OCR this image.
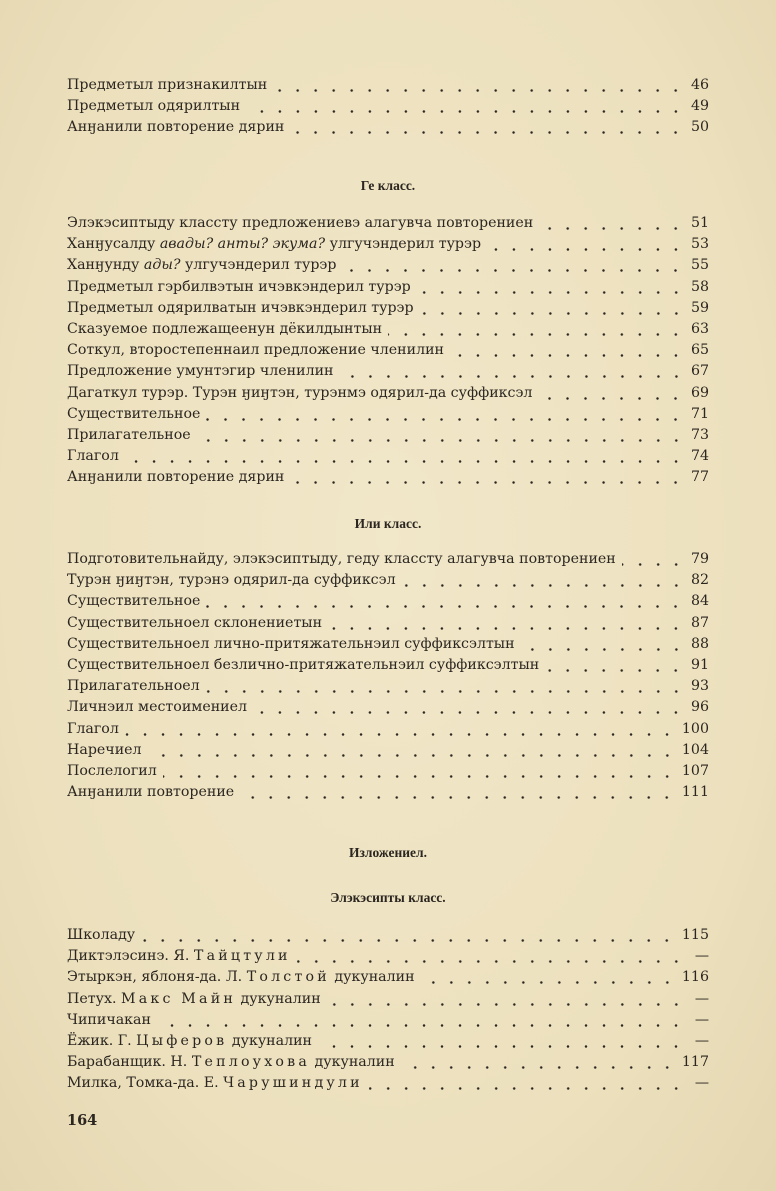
Предметыл признакилтын	46
Предметыл одярилтын	49
Анӈанили повторение дярин	50
Ге класс.
Элэкэсиптыду классту предложениевэ алагувча повторениен	51
Ханӈусалду авады? анты? экума? улгучэндерил турэр	53
Ханӈунду ады? улгучэндерил турэр	55
Предметыл гэрбилвэтын ичэвкэндерил турэр	58
Предметыл одярилватын ичэвкэндерил турэр	59
Сказуемое подлежащеенун дёкилдынтын	63
Соткул, второстепеннаил предложение членилин	65
Предложение умунтэгир членилин	67
Дагаткул турэр. Турэн ӈиӈтэн, турэнмэ одярил-да суффиксэл	69
Существительное	71
Прилагательное	73
Глагол	74
Анӈанили повторение дярин	77
Или класс.
Подготовительнайду, элэкэсиптыду, геду классту алагувча повторениен	79
Турэн ӈиӈтэн, турэнэ одярил-да суффиксэл	82
Существительное	84
Существительноел склонениетын	87
Существительноел лично-притяжательнэил суффиксэлтын	88
Существительноел безлично-притяжательнэил суффиксэлтын	91
Прилагательноел	93
Личнэил местоимениел	96
Глагол	100
Наречиел	104
Послелогил	107
Анӈанили повторение	111
Изложениел.
Элэкэсипты класс.
Школаду	115
Диктэлэсинэ. Я. Тайцтули	—
Этыркэн, яблоня-да. Л. Толстой дукуналин	116
Петух. Макс Майн дукуналин	—
Чипичакан	—
Ёжик. Г. Цыферов дукуналин	—
Барабанщик. Н. Теплоухова дукуналин	117
Милка, Томка-да. Е. Чарушиндули	—
164
